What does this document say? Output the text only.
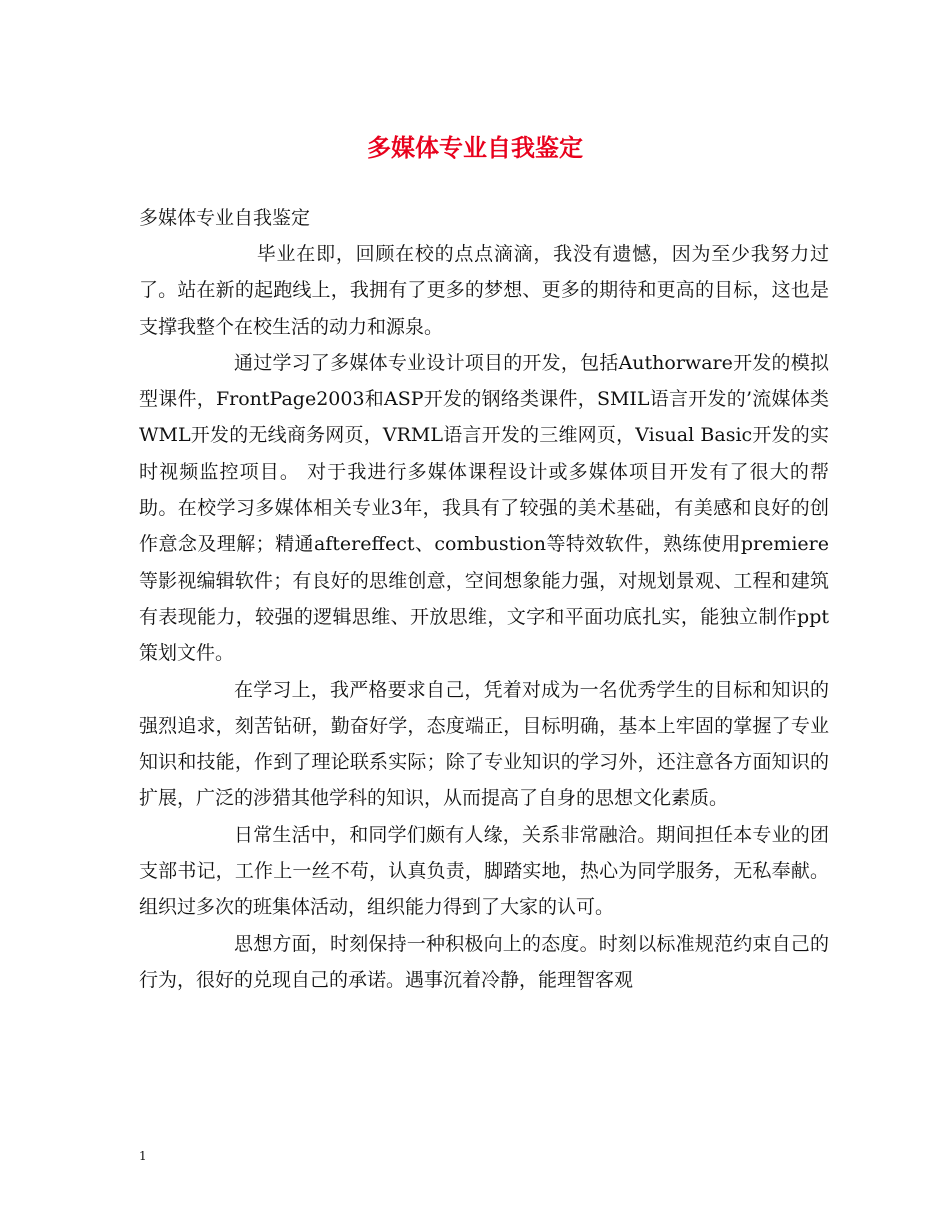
多媒体专业自我鉴定

多媒体专业自我鉴定

毕业在即，回顾在校的点点滴滴，我没有遗憾，因为至少我努力过了。站在新的起跑线上，我拥有了更多的梦想、更多的期待和更高的目标，这也是支撑我整个在校生活的动力和源泉。

通过学习了多媒体专业设计项目的开发，包括Authorware开发的模拟型课件，FrontPage2003和ASP开发的钢络类课件，SMIL语言开发的’流媒体类WML开发的无线商务网页，VRML语言开发的三维网页，Visual Basic开发的实时视频监控项目。 对于我进行多媒体课程设计或多媒体项目开发有了很大的帮助。在校学习多媒体相关专业3年，我具有了较强的美术基础，有美感和良好的创作意念及理解；精通aftereffect、combustion等特效软件，熟练使用premiere等影视编辑软件；有良好的思维创意，空间想象能力强，对规划景观、工程和建筑有表现能力，较强的逻辑思维、开放思维，文字和平面功底扎实，能独立制作ppt策划文件。

在学习上，我严格要求自己，凭着对成为一名优秀学生的目标和知识的强烈追求，刻苦钻研，勤奋好学，态度端正，目标明确，基本上牢固的掌握了专业知识和技能，作到了理论联系实际；除了专业知识的学习外，还注意各方面知识的扩展，广泛的涉猎其他学科的知识，从而提高了自身的思想文化素质。

日常生活中，和同学们颇有人缘，关系非常融洽。期间担任本专业的团支部书记，工作上一丝不苟，认真负责，脚踏实地，热心为同学服务，无私奉献。组织过多次的班集体活动，组织能力得到了大家的认可。

思想方面，时刻保持一种积极向上的态度。时刻以标准规范约束自己的行为，很好的兑现自己的承诺。遇事沉着冷静，能理智客观

1
